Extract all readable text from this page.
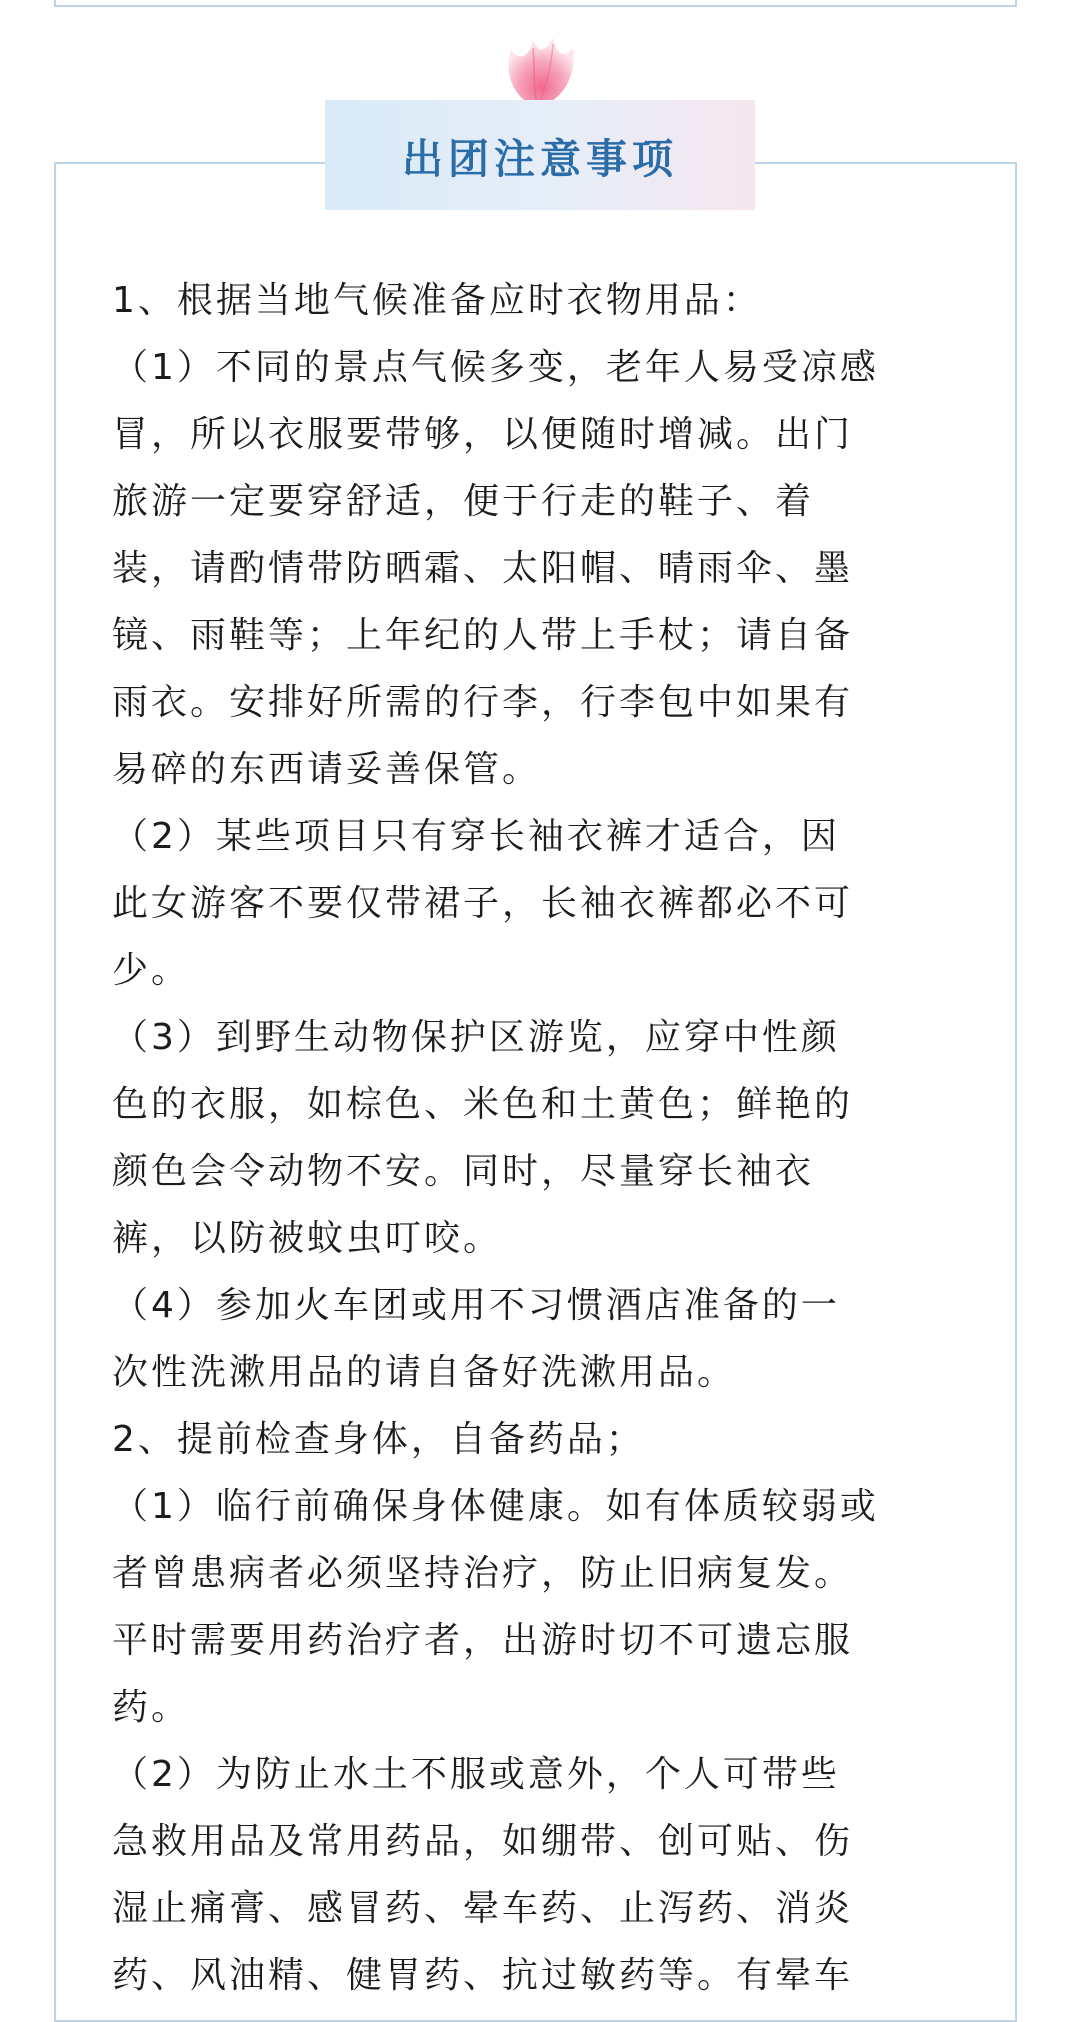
出团注意事项
1、根据当地气候准备应时衣物用品：
（1）不同的景点气候多变，老年人易受凉感
冒，所以衣服要带够，以便随时增减。出门
旅游一定要穿舒适，便于行走的鞋子、着
装，请酌情带防晒霜、太阳帽、晴雨伞、墨
镜、雨鞋等；上年纪的人带上手杖；请自备
雨衣。安排好所需的行李，行李包中如果有
易碎的东西请妥善保管。
（2）某些项目只有穿长袖衣裤才适合，因
此女游客不要仅带裙子，长袖衣裤都必不可
少。
（3）到野生动物保护区游览，应穿中性颜
色的衣服，如棕色、米色和土黄色；鲜艳的
颜色会令动物不安。同时，尽量穿长袖衣
裤，以防被蚊虫叮咬。
（4）参加火车团或用不习惯酒店准备的一
次性洗漱用品的请自备好洗漱用品。
2、提前检查身体，自备药品；
（1）临行前确保身体健康。如有体质较弱或
者曾患病者必须坚持治疗，防止旧病复发。
平时需要用药治疗者，出游时切不可遗忘服
药。
（2）为防止水土不服或意外，个人可带些
急救用品及常用药品，如绷带、创可贴、伤
湿止痛膏、感冒药、晕车药、止泻药、消炎
药、风油精、健胃药、抗过敏药等。有晕车
